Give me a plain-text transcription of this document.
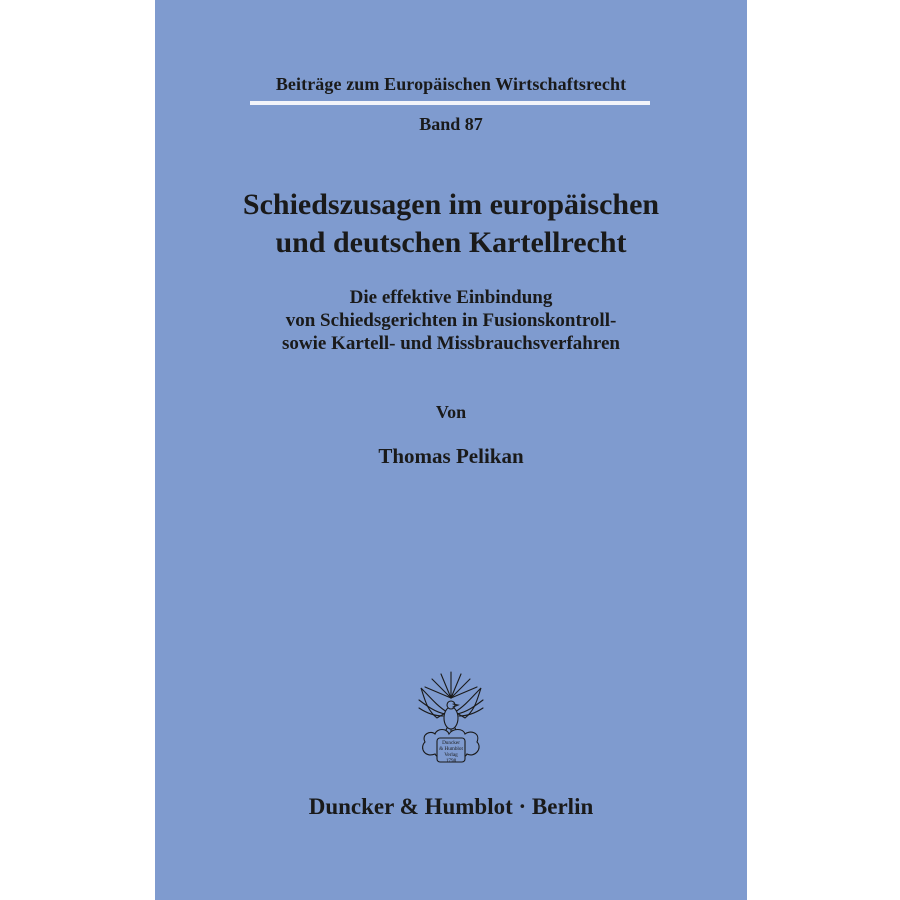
Beiträge zum Europäischen Wirtschaftsrecht
Band 87
Schiedszusagen im europäischen
und deutschen Kartellrecht
Die effektive Einbindung
von Schiedsgerichten in Fusionskontroll-
sowie Kartell- und Missbrauchsverfahren
Von
Thomas Pelikan
Duncker
& Humblot
Verlag
1798
Duncker & Humblot · Berlin
